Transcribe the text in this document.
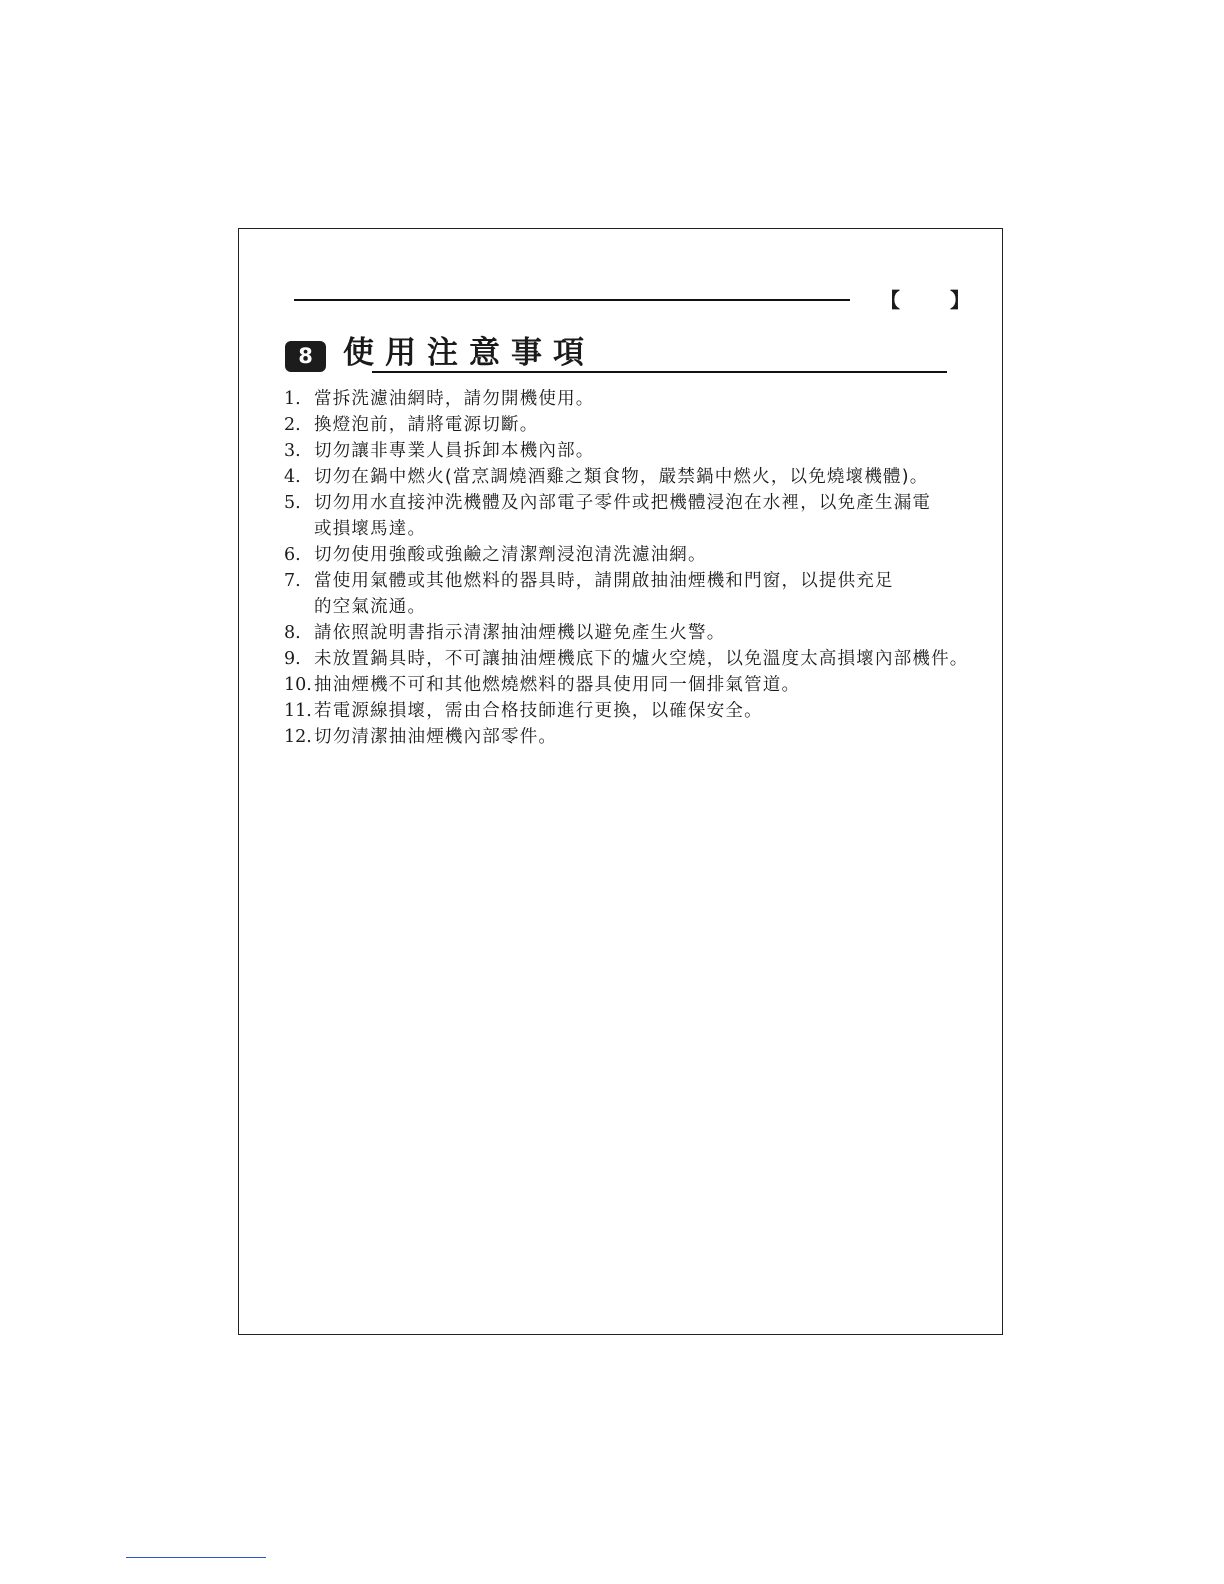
【	】
8 使用注意事項
1. 當拆洗濾油網時，請勿開機使用。
2. 換燈泡前，請將電源切斷。
3. 切勿讓非專業人員拆卸本機內部。
4. 切勿在鍋中燃火(當烹調燒酒雞之類食物，嚴禁鍋中燃火，以免燒壞機體)。
5. 切勿用水直接沖洗機體及內部電子零件或把機體浸泡在水裡，以免產生漏電
或損壞馬達。
6. 切勿使用強酸或強鹼之清潔劑浸泡清洗濾油網。
7. 當使用氣體或其他燃料的器具時，請開啟抽油煙機和門窗，以提供充足
的空氣流通。
8. 請依照說明書指示清潔抽油煙機以避免產生火警。
9. 未放置鍋具時，不可讓抽油煙機底下的爐火空燒，以免溫度太高損壞內部機件。
10. 抽油煙機不可和其他燃燒燃料的器具使用同一個排氣管道。
11. 若電源線損壞，需由合格技師進行更換，以確保安全。
12. 切勿清潔抽油煙機內部零件。
